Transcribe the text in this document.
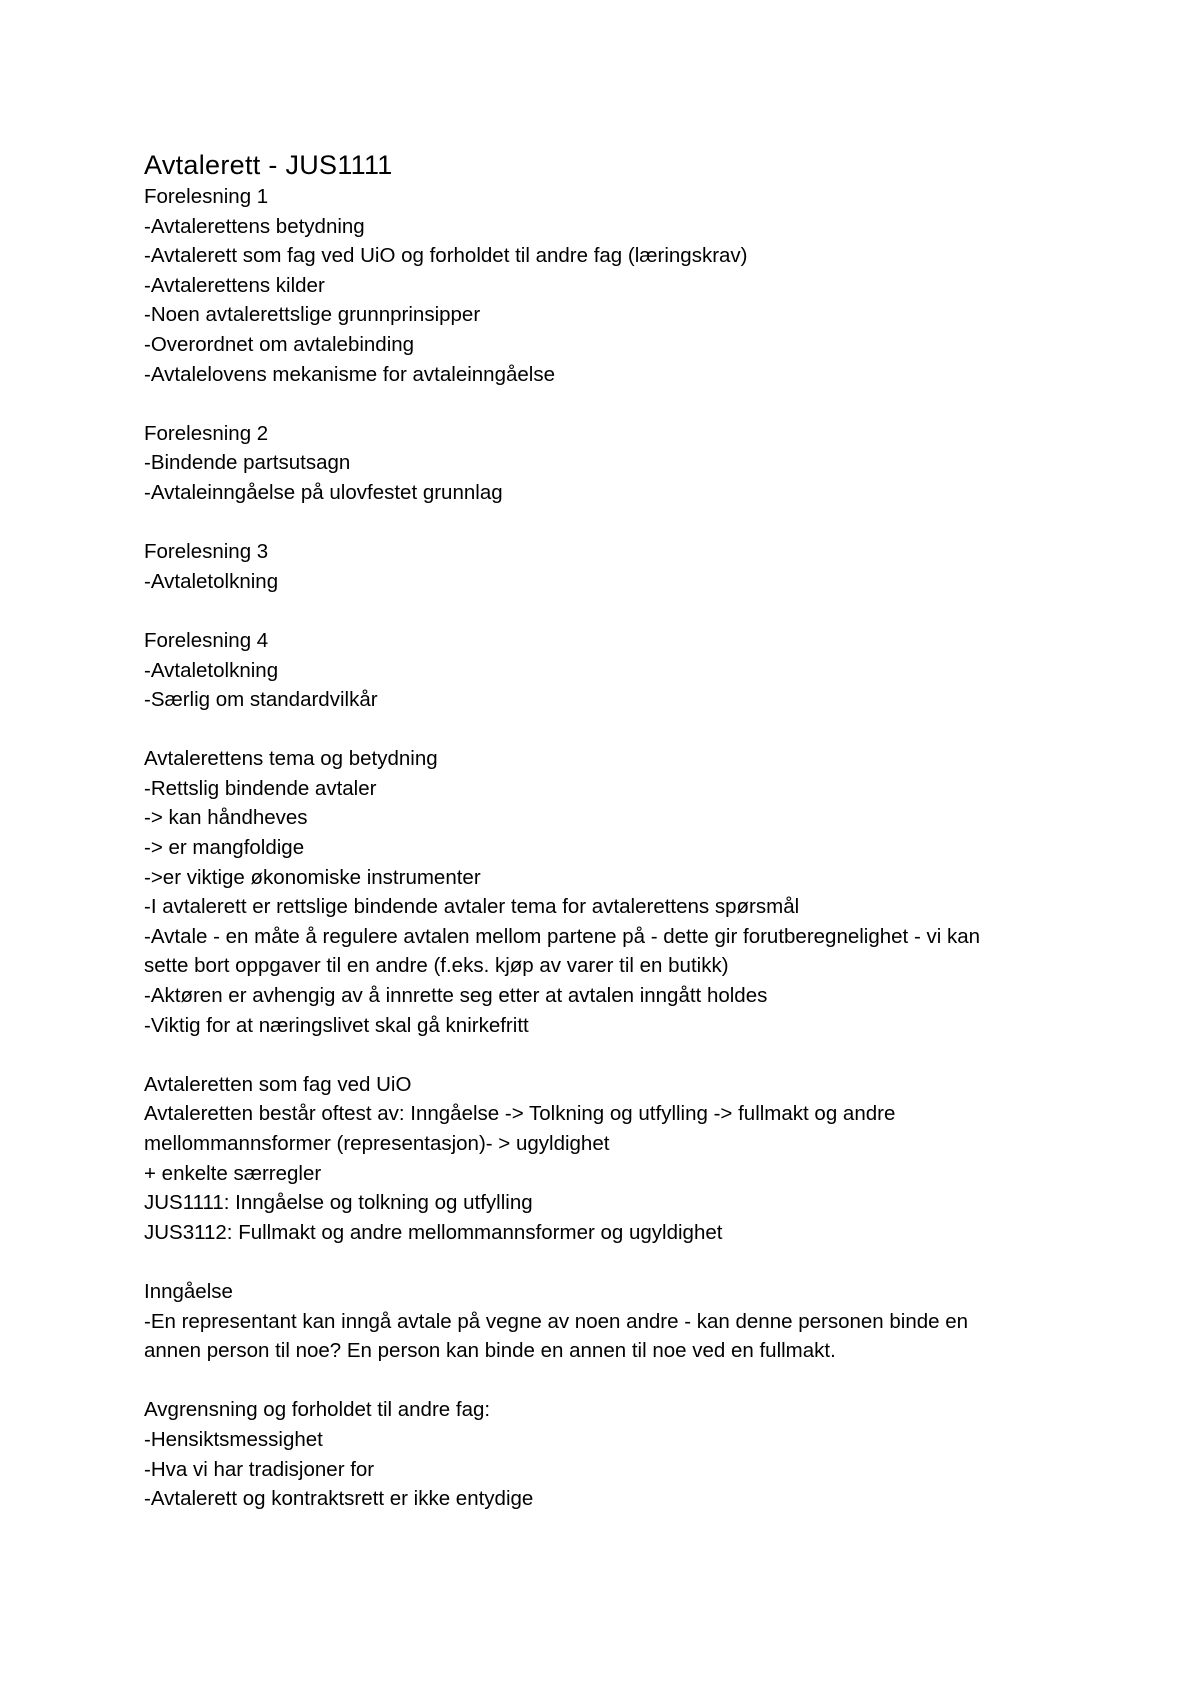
Avtalerett - JUS1111
Forelesning 1
-Avtalerettens betydning
-Avtalerett som fag ved UiO og forholdet til andre fag (læringskrav)
-Avtalerettens kilder
-Noen avtalerettslige grunnprinsipper
-Overordnet om avtalebinding
-Avtalelovens mekanisme for avtaleinngåelse
Forelesning 2
-Bindende partsutsagn
-Avtaleinngåelse på ulovfestet grunnlag
Forelesning 3
-Avtaletolkning
Forelesning 4
-Avtaletolkning
-Særlig om standardvilkår
Avtalerettens tema og betydning
-Rettslig bindende avtaler
-> kan håndheves
-> er mangfoldige
->er viktige økonomiske instrumenter
-I avtalerett er rettslige bindende avtaler tema for avtalerettens spørsmål
-Avtale - en måte å regulere avtalen mellom partene på - dette gir forutberegnelighet - vi kan
sette bort oppgaver til en andre (f.eks. kjøp av varer til en butikk)
-Aktøren er avhengig av å innrette seg etter at avtalen inngått holdes
-Viktig for at næringslivet skal gå knirkefritt
Avtaleretten som fag ved UiO
Avtaleretten består oftest av: Inngåelse -> Tolkning og utfylling -> fullmakt og andre
mellommannsformer (representasjon)- > ugyldighet
+ enkelte særregler
JUS1111: Inngåelse og tolkning og utfylling
JUS3112: Fullmakt og andre mellommannsformer og ugyldighet
Inngåelse
-En representant kan inngå avtale på vegne av noen andre - kan denne personen binde en
annen person til noe? En person kan binde en annen til noe ved en fullmakt.
Avgrensning og forholdet til andre fag:
-Hensiktsmessighet
-Hva vi har tradisjoner for
-Avtalerett og kontraktsrett er ikke entydige
